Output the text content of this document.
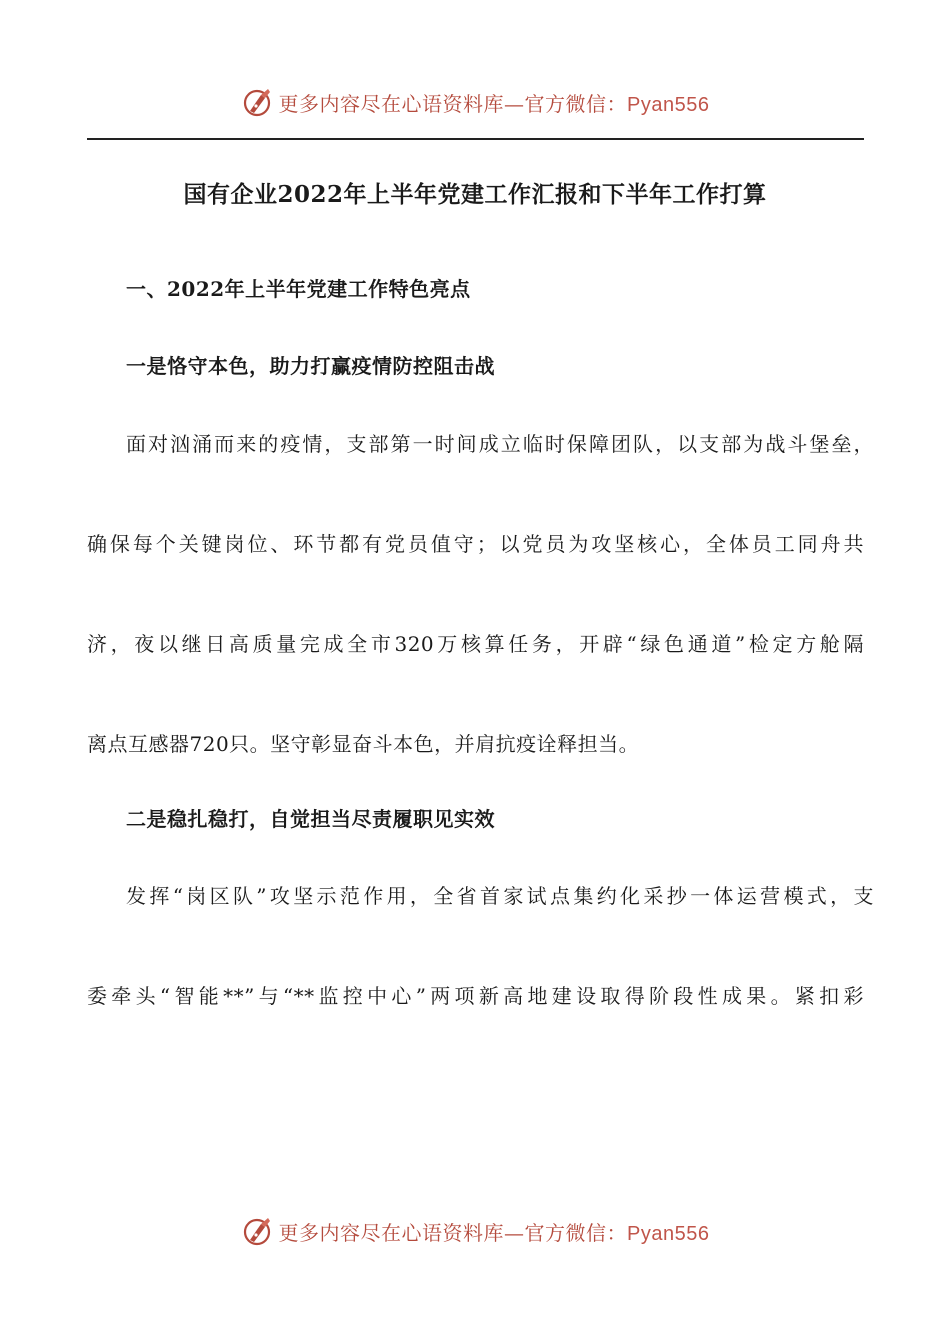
更多内容尽在心语资料库—官方微信：Pyan556
国有企业2022年上半年党建工作汇报和下半年工作打算
一、2022年上半年党建工作特色亮点
一是恪守本色，助力打赢疫情防控阻击战
面对汹涌而来的疫情，支部第一时间成立临时保障团队，以支部为战斗堡垒，
确保每个关键岗位、环节都有党员值守；以党员为攻坚核心，全体员工同舟共
济，夜以继日高质量完成全市320万核算任务，开辟“绿色通道”检定方舱隔
离点互感器720只。坚守彰显奋斗本色，并肩抗疫诠释担当。
二是稳扎稳打，自觉担当尽责履职见实效
发挥“岗区队”攻坚示范作用，全省首家试点集约化采抄一体运营模式，支
委牵头“智能**”与“**监控中心”两项新高地建设取得阶段性成果。紧扣彩
更多内容尽在心语资料库—官方微信：Pyan556
